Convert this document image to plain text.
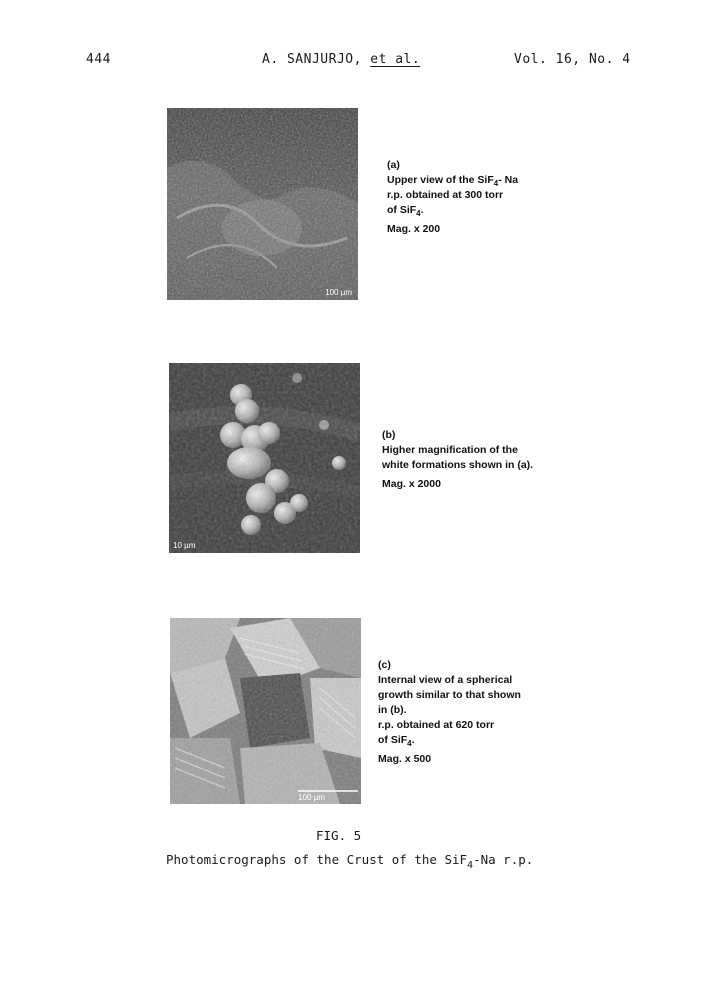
444	A. SANJURJO, et al.	Vol. 16, No. 4
100 µm
(a)
Upper view of the SiF$_4$- Na
r.p. obtained at 300 torr
of SiF$_4$.
Mag. x 200
10 µm
(b)
Higher magnification of the
white formations shown in (a).
Mag. x 2000
100 µm
(c)
Internal view of a spherical
growth similar to that shown
in (b).
r.p. obtained at 620 torr
of SiF$_4$.
Mag. x 500
FIG. 5
Photomicrographs of the Crust of the SiF$_4$-Na r.p.
